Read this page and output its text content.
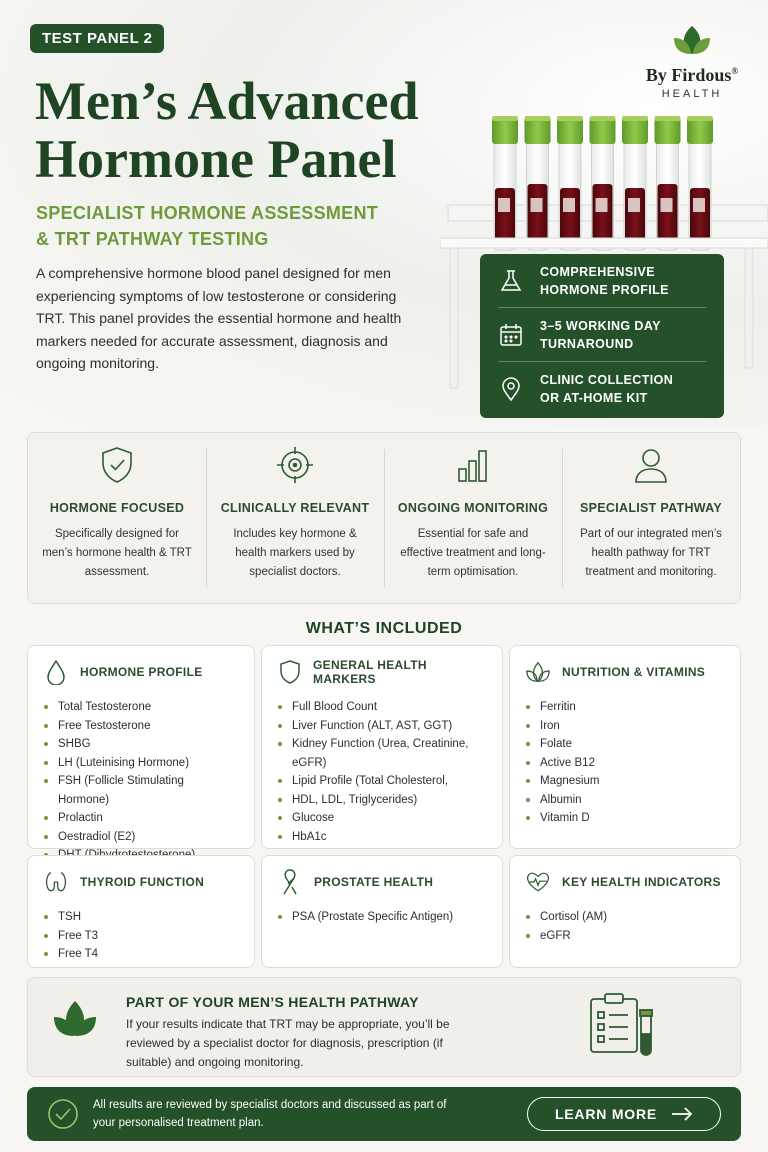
TEST PANEL 2
By Firdous®
HEALTH
Men’s Advanced
Hormone Panel
SPECIALIST HORMONE ASSESSMENT
& TRT PATHWAY TESTING

A comprehensive hormone blood panel designed for men experiencing symptoms of low testosterone or considering TRT. This panel provides the essential hormone and health markers needed for accurate assessment, diagnosis and ongoing monitoring.

COMPREHENSIVE
HORMONE PROFILE
3–5 WORKING DAY
TURNAROUND
CLINIC COLLECTION
OR AT-HOME KIT
HORMONE FOCUSED
Specifically designed for men’s hormone health & TRT assessment.
CLINICALLY RELEVANT
Includes key hormone & health markers used by specialist doctors.
ONGOING MONITORING
Essential for safe and effective treatment and long-term optimisation.
SPECIALIST PATHWAY
Part of our integrated men’s health pathway for TRT treatment and monitoring.
WHAT’S INCLUDED
HORMONE PROFILE
Total Testosterone
Free Testosterone
SHBG
LH (Luteinising Hormone)
FSH (Follicle Stimulating Hormone)
Prolactin
Oestradiol (E2)
GENERAL HEALTH MARKERS
Full Blood Count
Liver Function (ALT, AST, GGT)
Kidney Function (Urea, Creatinine, eGFR)
Lipid Profile (Total Cholesterol,
HDL, LDL, Triglycerides)
Glucose
HbA1c
NUTRITION & VITAMINS
Ferritin
Iron
Folate
Active B12
Magnesium
Albumin
Vitamin D
THYROID FUNCTION
TSH
Free T3
Free T4
PROSTATE HEALTH
PSA (Prostate Specific Antigen)
KEY HEALTH INDICATORS
Cortisol (AM)
eGFR
PART OF YOUR MEN’S HEALTH PATHWAY
If your results indicate that TRT may be appropriate, you’ll be reviewed by a specialist doctor for diagnosis, prescription (if suitable) and ongoing monitoring.
All results are reviewed by specialist doctors and discussed as part of your personalised treatment plan.
LEARN MORE
